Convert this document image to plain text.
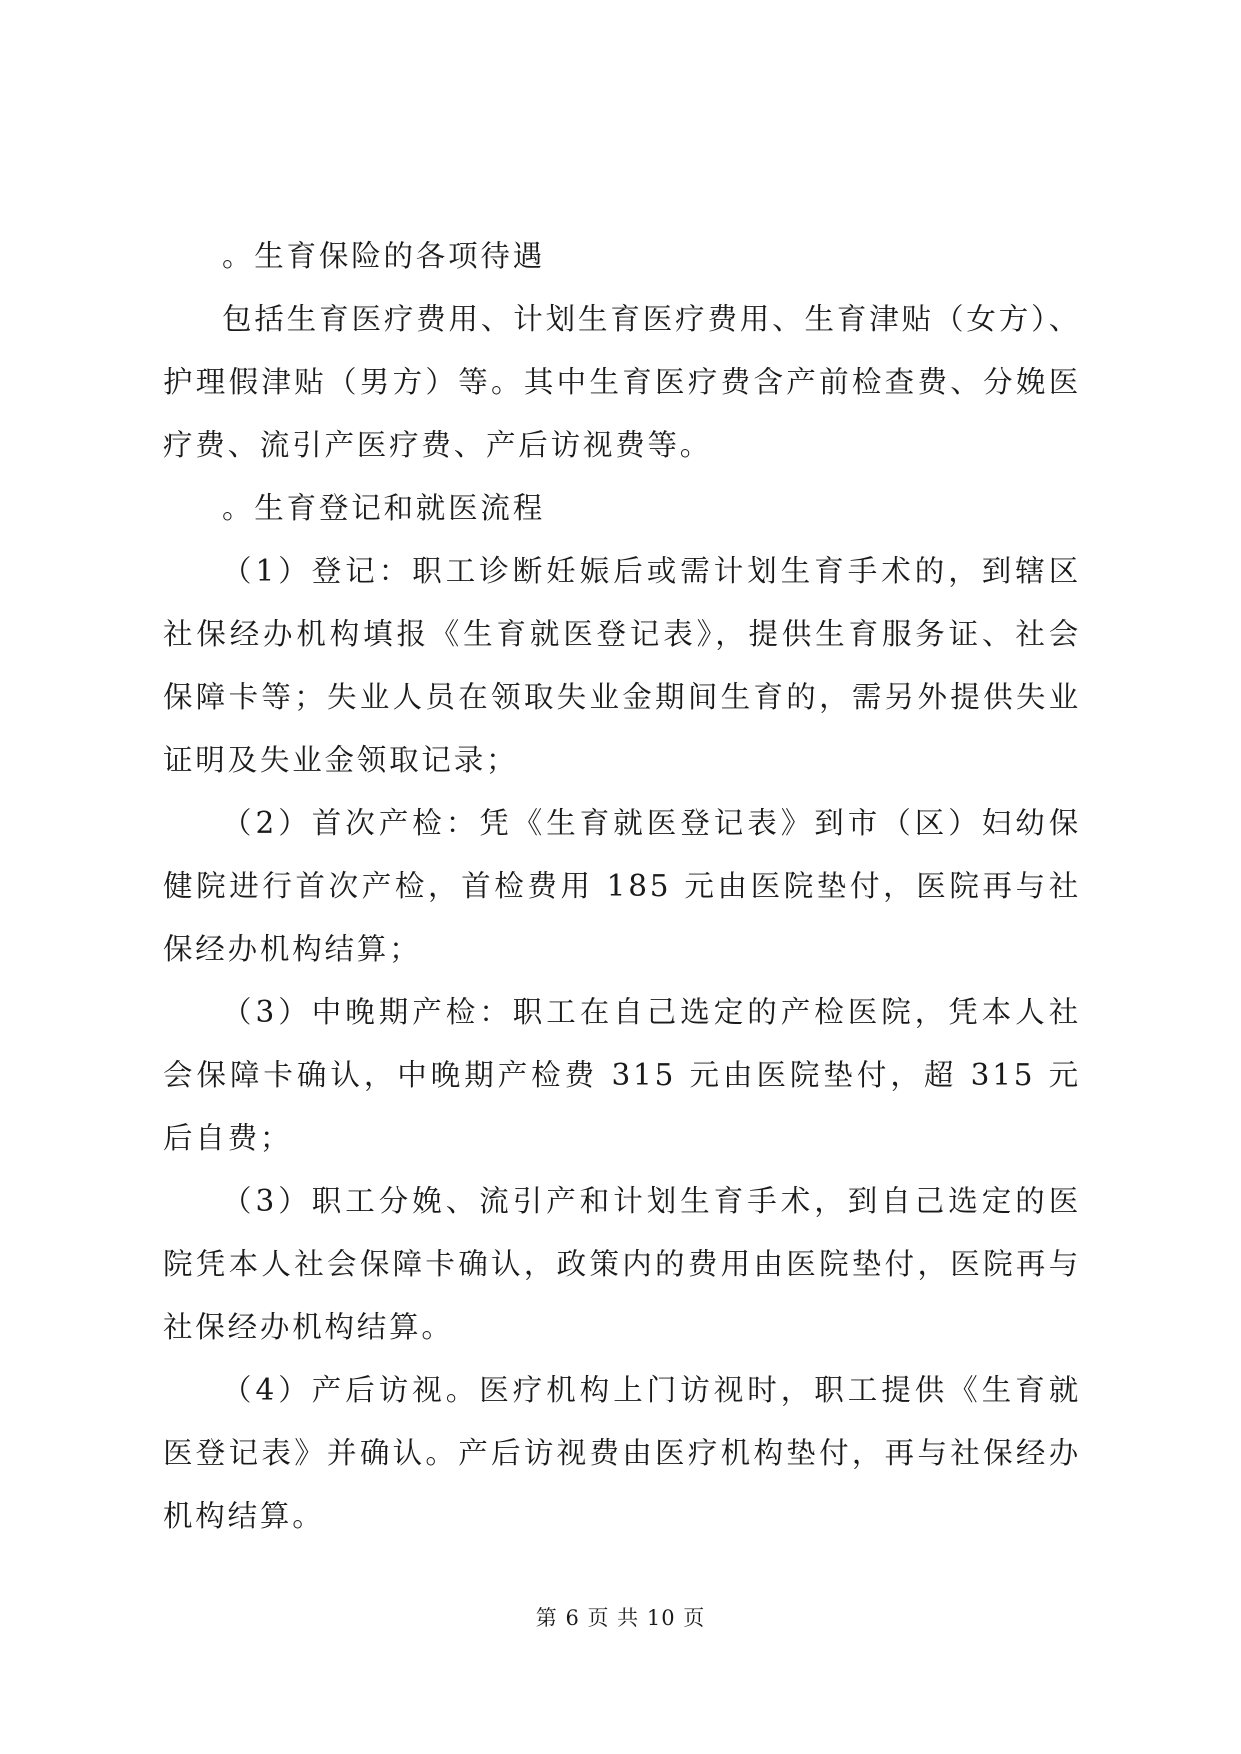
。生育保险的各项待遇

包括生育医疗费用、计划生育医疗费用、生育津贴（女方）、护理假津贴（男方）等。其中生育医疗费含产前检查费、分娩医疗费、流引产医疗费、产后访视费等。

。生育登记和就医流程

（1）登记：职工诊断妊娠后或需计划生育手术的，到辖区社保经办机构填报《生育就医登记表》，提供生育服务证、社会保障卡等；失业人员在领取失业金期间生育的，需另外提供失业证明及失业金领取记录；

（2）首次产检：凭《生育就医登记表》到市（区）妇幼保健院进行首次产检，首检费用 185 元由医院垫付，医院再与社保经办机构结算；

（3）中晚期产检：职工在自己选定的产检医院，凭本人社会保障卡确认，中晚期产检费 315 元由医院垫付，超 315 元后自费；

（3）职工分娩、流引产和计划生育手术，到自己选定的医院凭本人社会保障卡确认，政策内的费用由医院垫付，医院再与社保经办机构结算。

（4）产后访视。医疗机构上门访视时，职工提供《生育就医登记表》并确认。产后访视费由医疗机构垫付，再与社保经办机构结算。

第 6 页 共 10 页
